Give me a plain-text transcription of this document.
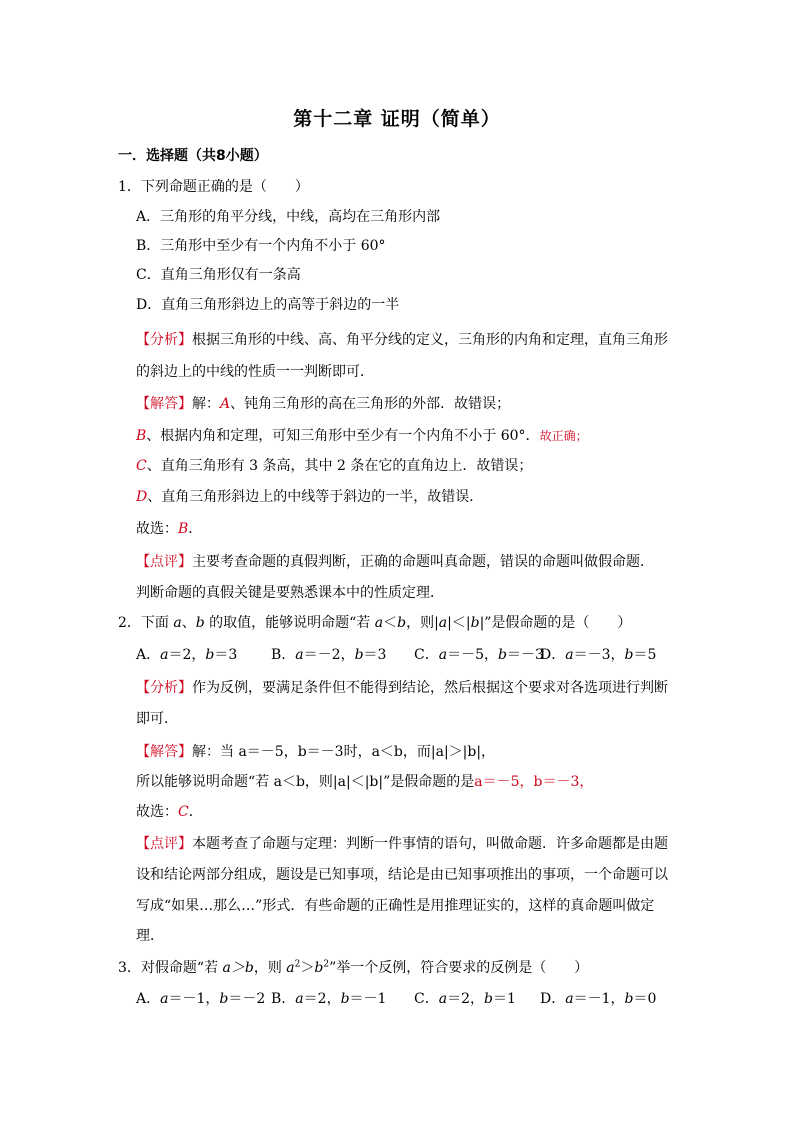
第十二章 证明（简单）
一．选择题（共8小题）
1．下列命题正确的是（　　）
A．三角形的角平分线，中线，高均在三角形内部
B．三角形中至少有一个内角不小于 60°
C．直角三角形仅有一条高
D．直角三角形斜边上的高等于斜边的一半
【分析】根据三角形的中线、高、角平分线的定义，三角形的内角和定理，直角三角形
的斜边上的中线的性质一一判断即可．
【解答】解：A、钝角三角形的高在三角形的外部．故错误；
B、根据内角和定理，可知三角形中至少有一个内角不小于 60°．故正确；
C、直角三角形有 3 条高，其中 2 条在它的直角边上．故错误；
D、直角三角形斜边上的中线等于斜边的一半，故错误．
故选：B．
【点评】主要考查命题的真假判断，正确的命题叫真命题，错误的命题叫做假命题．
判断命题的真假关键是要熟悉课本中的性质定理．
2．下面 a、b 的取值，能够说明命题“若 a＜b，则|a|＜|b|”是假命题的是（　　）
A．a＝2，b＝3 B．a＝－2，b＝3 C．a＝－5，b＝－3
D．a＝－3，b＝5
【分析】作为反例，要满足条件但不能得到结论，然后根据这个要求对各选项进行判断
即可．
【解答】解：当 a＝－5，b＝－3时，a＜b，而|a|＞|b|，
所以能够说明命题“若 a＜b，则|a|＜|b|”是假命题的是a＝－5，b＝－3，
故选：C．
【点评】本题考查了命题与定理：判断一件事情的语句，叫做命题．许多命题都是由题
设和结论两部分组成，题设是已知事项，结论是由已知事项推出的事项，一个命题可以
写成“如果…那么…”形式．有些命题的正确性是用推理证实的，这样的真命题叫做定
理．
3．对假命题“若 a＞b，则 $a^2>b^2$”举一个反例，符合要求的反例是（　　）
A．a＝－1，b＝－2 B．a＝2，b＝－1 C．a＝2，b＝1 D．a＝－1，b＝0
